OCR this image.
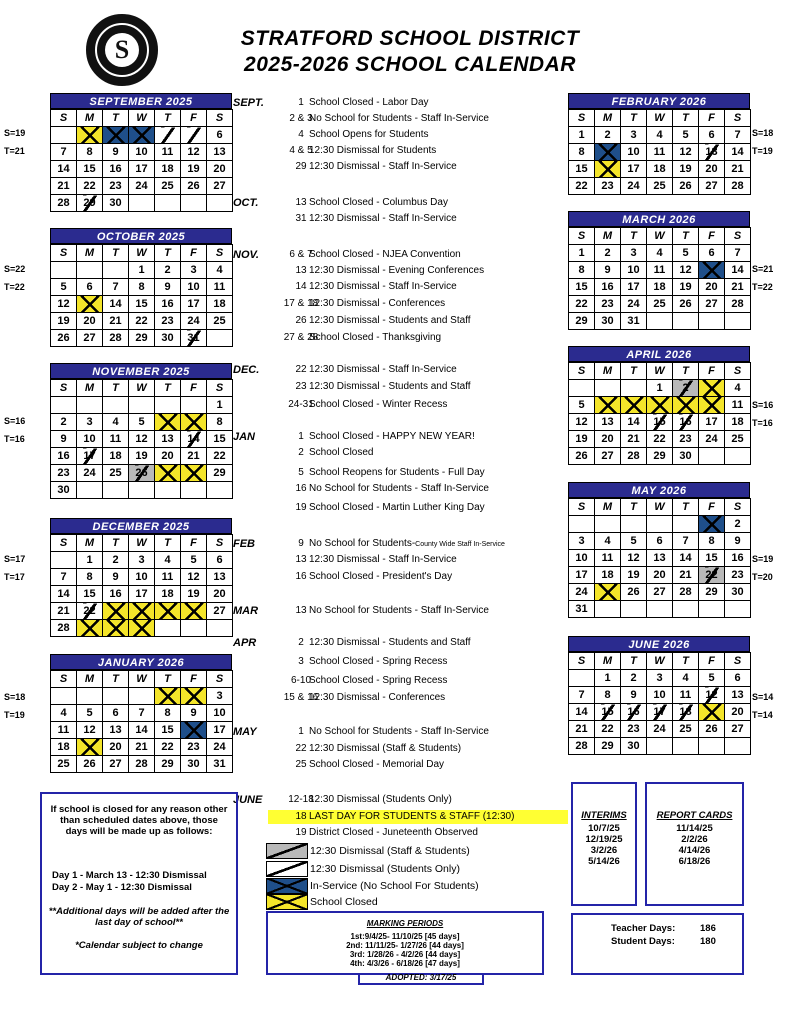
S	STRATFORD SCHOOL DISTRICT
2025-2026 SCHOOL CALENDAR
SEPTEMBER 2025
S	M	T	W	T	F	S
						6
7	8	9	10	11	12	13
14	15	16	17	18	19	20
21	22	23	24	25	26	27
28	29	30				
OCTOBER 2025
S	M	T	W	T	F	S
			1	2	3	4
5	6	7	8	9	10	11
12		14	15	16	17	18
19	20	21	22	23	24	25
26	27	28	29	30	31	
NOVEMBER 2025
S	M	T	W	T	F	S
						1
2	3	4	5			8
9	10	11	12	13	14	15
16	17	18	19	20	21	22
23	24	25	26			29
30						
DECEMBER 2025
S	M	T	W	T	F	S
	1	2	3	4	5	6
7	8	9	10	11	12	13
14	15	16	17	18	19	20
21	22					27
28						
JANUARY 2026
S	M	T	W	T	F	S
						3
4	5	6	7	8	9	10
11	12	13	14	15		17
18		20	21	22	23	24
25	26	27	28	29	30	31
FEBRUARY 2026
S	M	T	W	T	F	S
1	2	3	4	5	6	7
8		10	11	12	13	14
15		17	18	19	20	21
22	23	24	25	26	27	28
MARCH 2026
S	M	T	W	T	F	S
1	2	3	4	5	6	7
8	9	10	11	12		14
15	16	17	18	19	20	21
22	23	24	25	26	27	28
29	30	31				
APRIL 2026
S	M	T	W	T	F	S
			1	2		4
5						11
12	13	14	15	16	17	18
19	20	21	22	23	24	25
26	27	28	29	30		
MAY 2026
S	M	T	W	T	F	S
						2
3	4	5	6	7	8	9
10	11	12	13	14	15	16
17	18	19	20	21	22	23
24		26	27	28	29	30
31						
JUNE 2026
S	M	T	W	T	F	S
	1	2	3	4	5	6
7	8	9	10	11	12	13
14	15	16	17	18		20
21	22	23	24	25	26	27
28	29	30				
S=19
T=21
S=22
T=22
S=16
T=16
S=17
T=17
S=18
T=19
S=18
T=19
S=21
T=22
S=16
T=16
S=19
T=20
S=14
T=14
SEPT.	1 School Closed - Labor Day
2 & 3
No School for Students - Staff In-Service
4 School Opens for Students
4 & 5
12:30 Dismissal for Students
29 12:30 Dismissal - Staff In-Service
OCT.	13 School Closed - Columbus Day
31 12:30 Dismissal - Staff In-Service
NOV.	6 & 7
School Closed - NJEA Convention
13 12:30 Dismissal - Evening Conferences
14 12:30 Dismissal - Staff In-Service
17 & 18
12:30 Dismissal - Conferences
26 12:30 Dismissal - Students and Staff
27 & 28
School Closed - Thanksgiving
DEC.	22 12:30 Dismissal - Staff In-Service
23 12:30 Dismissal - Students and Staff
24-31
School Closed - Winter Recess
JAN	1 School Closed - HAPPY NEW YEAR!
2 School Closed
5 School Reopens for Students - Full Day
16 No School for Students - Staff In-Service
19 School Closed - Martin Luther King Day
FEB	9 No School for Students-County Wide Staff In-Service
13 12:30 Dismissal - Staff In-Service
16 School Closed - President's Day
MAR	13 No School for Students - Staff In-Service
APR	2 12:30 Dismissal - Students and Staff
3 School Closed - Spring Recess
6-10
School Closed - Spring Recess
15 & 16
12:30 Dismissal - Conferences
MAY	1 No School for Students - Staff In-Service
22 12:30 Dismissal (Staff & Students)
25 School Closed - Memorial Day
JUNE	12-18
12:30 Dismissal (Students Only)
18 LAST DAY FOR STUDENTS & STAFF (12:30)
19 District Closed - Juneteenth Observed
12:30 Dismissal (Staff & Students)
12:30 Dismissal (Students Only)
In-Service (No School For Students)
School Closed
If school is closed for any reason other than scheduled dates above, those days will be made up as follows:
Day 1 - March 13 - 12:30 Dismissal
Day 2 - May 1 - 12:30 Dismissal
**Additional days will be added after the last day of school**
*Calendar subject to change
INTERIMS
10/7/25
12/19/25
3/2/26
5/14/26
REPORT CARDS
11/14/25
2/2/26
4/14/26
6/18/26
MARKING PERIODS
1st:9/4/25- 11/10/25 [45 days]
2nd: 11/11/25- 1/27/26 [44 days]
3rd: 1/28/26 - 4/2/26 [44 days]
4th: 4/3/26 - 6/18/26 [47 days]
ADOPTED: 3/17/25
Teacher Days:	186
Student Days:	180
